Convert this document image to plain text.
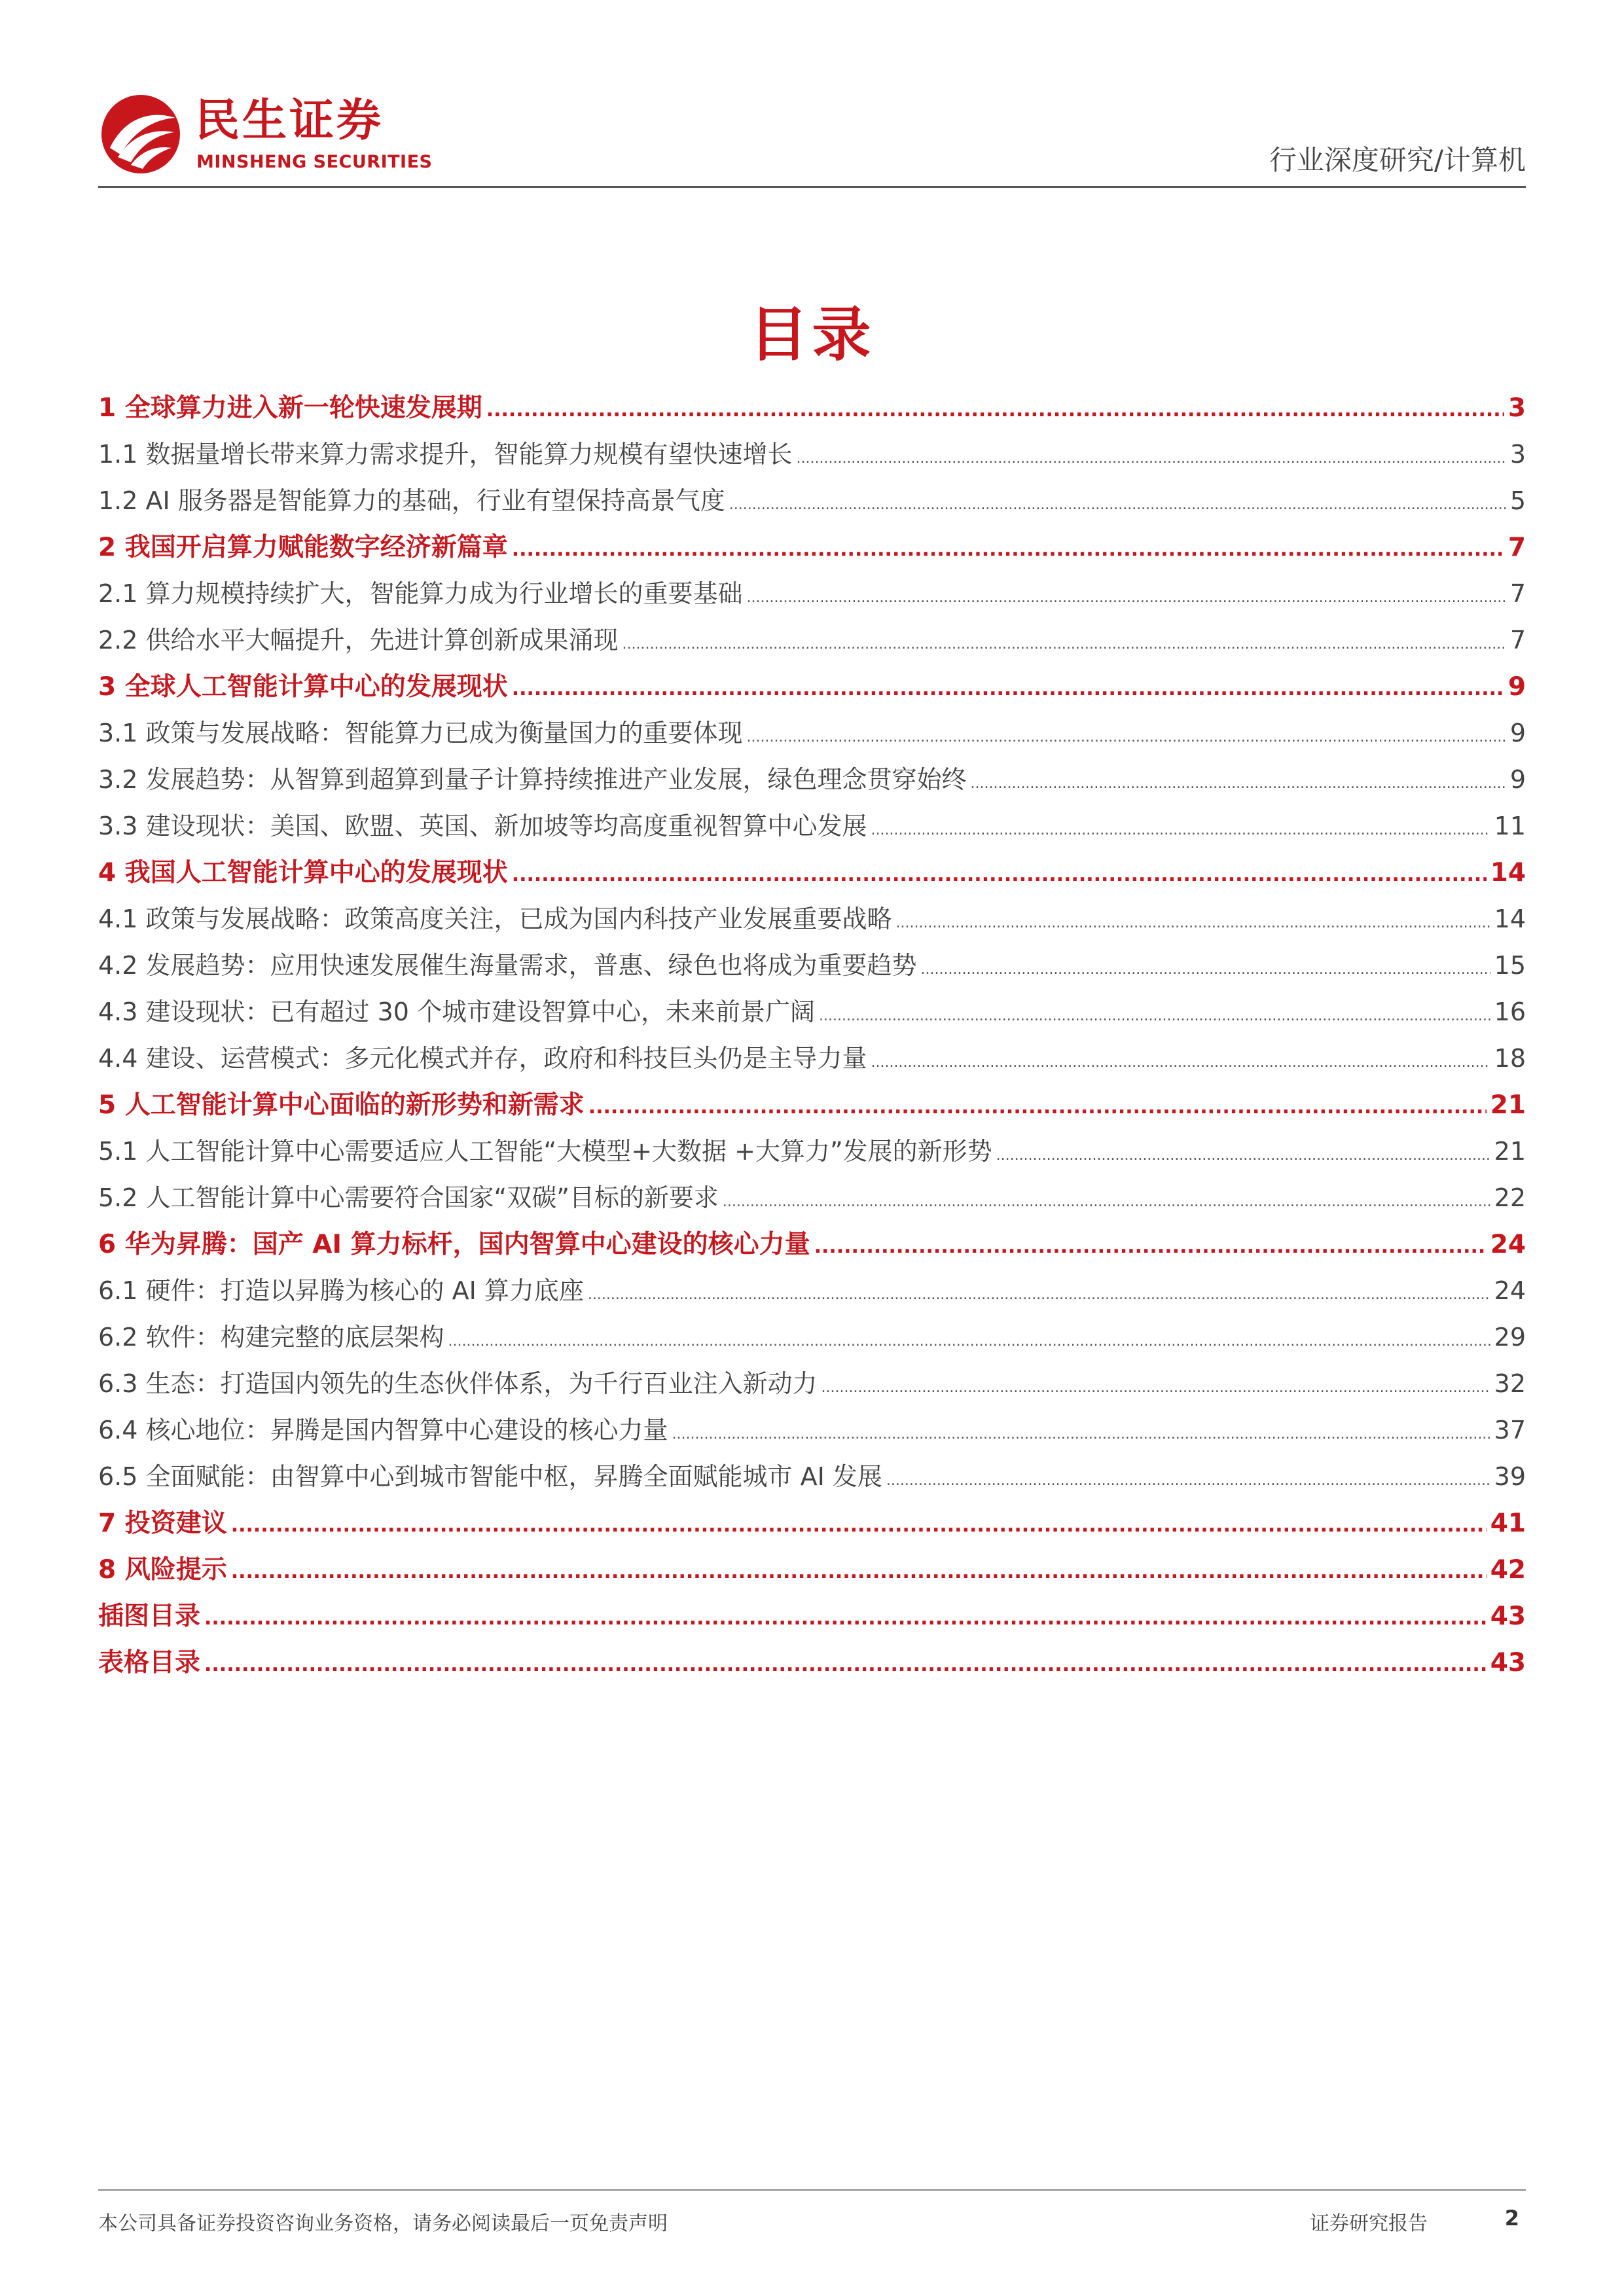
民生证券
MINSHENG SECURITIES	行业深度研究/计算机
目录
1 全球算力进入新一轮快速发展期 .....	3
1.1 数据量增长带来算力需求提升，智能算力规模有望快速增长 .....	3
1.2 AI 服务器是智能算力的基础，行业有望保持高景气度 .....	5
2 我国开启算力赋能数字经济新篇章 .....	7
2.1 算力规模持续扩大，智能算力成为行业增长的重要基础 .....	7
2.2 供给水平大幅提升，先进计算创新成果涌现 .....	7
3 全球人工智能计算中心的发展现状 .....	9
3.1 政策与发展战略：智能算力已成为衡量国力的重要体现 .....	9
3.2 发展趋势：从智算到超算到量子计算持续推进产业发展，绿色理念贯穿始终 .....	9
3.3 建设现状：美国、欧盟、英国、新加坡等均高度重视智算中心发展 .....	11
4 我国人工智能计算中心的发展现状 .....	14
4.1 政策与发展战略：政策高度关注，已成为国内科技产业发展重要战略 .....	14
4.2 发展趋势：应用快速发展催生海量需求，普惠、绿色也将成为重要趋势 .....	15
4.3 建设现状：已有超过 30 个城市建设智算中心，未来前景广阔 .....	16
4.4 建设、运营模式：多元化模式并存，政府和科技巨头仍是主导力量 .....	18
5 人工智能计算中心面临的新形势和新需求 .....	21
5.1 人工智能计算中心需要适应人工智能“大模型+大数据 +大算力”发展的新形势 .....	21
5.2 人工智能计算中心需要符合国家“双碳”目标的新要求 .....	22
6 华为昇腾：国产 AI 算力标杆，国内智算中心建设的核心力量 .....	24
6.1 硬件：打造以昇腾为核心的 AI 算力底座 .....	24
6.2 软件：构建完整的底层架构 .....	29
6.3 生态：打造国内领先的生态伙伴体系，为千行百业注入新动力 .....	32
6.4 核心地位：昇腾是国内智算中心建设的核心力量 .....	37
6.5 全面赋能：由智算中心到城市智能中枢，昇腾全面赋能城市 AI 发展 .....	39
7 投资建议 .....	41
8 风险提示 .....	42
插图目录 .....	43
表格目录 .....	43
本公司具备证券投资咨询业务资格，请务必阅读最后一页免责声明	证券研究报告	2
